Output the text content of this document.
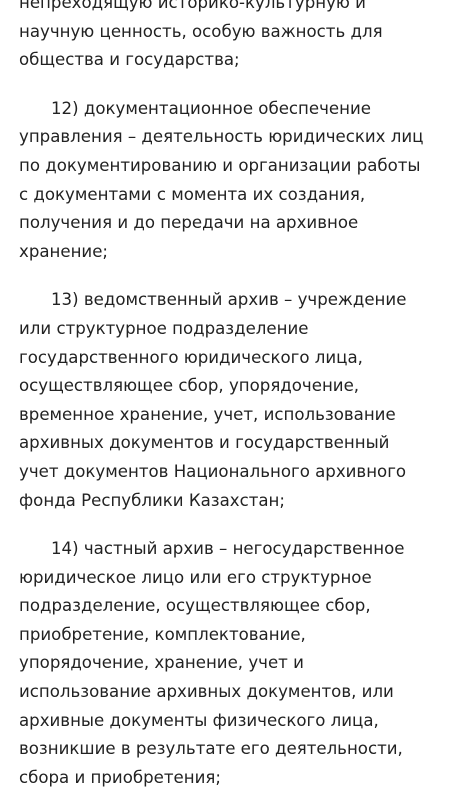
непреходящую историко-культурную и
научную ценность, особую важность для
общества и государства;
12) документационное обеспечение
управления – деятельность юридических лиц
по документированию и организации работы
с документами с момента их создания,
получения и до передачи на архивное
хранение;
13) ведомственный архив – учреждение
или структурное подразделение
государственного юридического лица,
осуществляющее сбор, упорядочение,
временное хранение, учет, использование
архивных документов и государственный
учет документов Национального архивного
фонда Республики Казахстан;
14) частный архив – негосударственное
юридическое лицо или его структурное
подразделение, осуществляющее сбор,
приобретение, комплектование,
упорядочение, хранение, учет и
использование архивных документов, или
архивные документы физического лица,
возникшие в результате его деятельности,
сбора и приобретения;
